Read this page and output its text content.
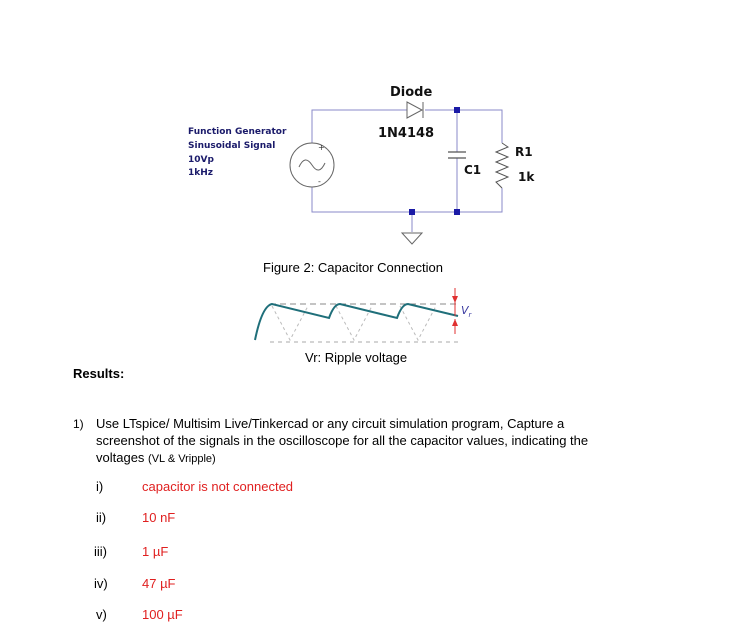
+
-
Diode
1N4148
C1
R1
1k
Function Generator
Sinusoidal Signal
10Vp
1kHz
$V_r$
Figure 2: Capacitor Connection
Vr: Ripple voltage
Results:
1) Use LTspice/ Multisim Live/Tinkercad or any circuit simulation program, Capture a
screenshot of the signals in the oscilloscope for all the capacitor values, indicating the
voltages (VL & Vripple)
i)	capacitor is not connected
ii)	10 nF
iii)	1 µF
iv)	47 µF
v)	100 µF
